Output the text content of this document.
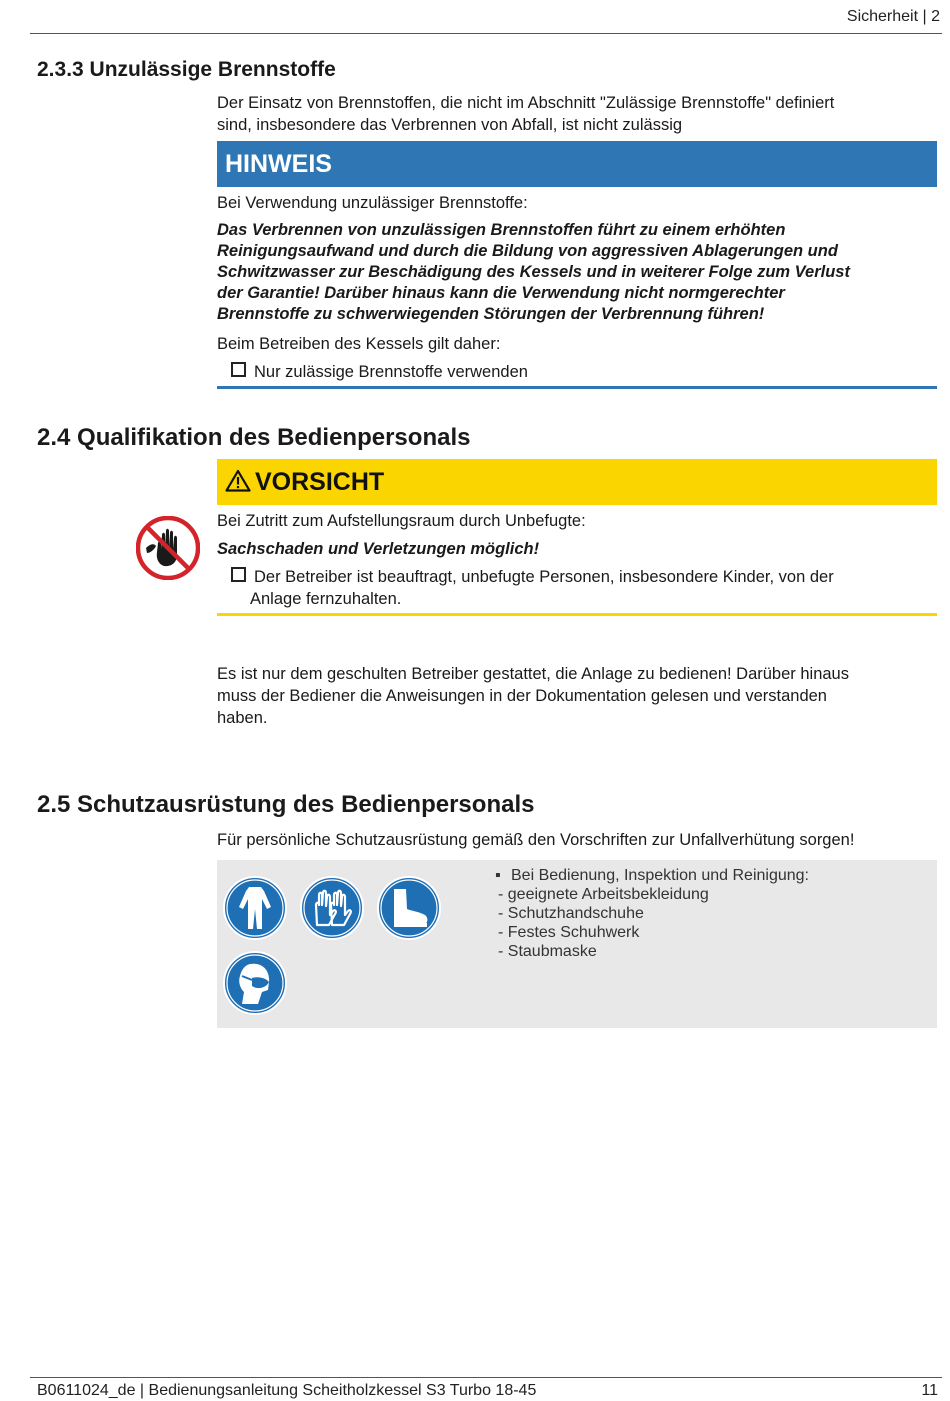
Sicherheit | 2
2.3.3 Unzulässige Brennstoffe
Der Einsatz von Brennstoffen, die nicht im Abschnitt "Zulässige Brennstoffe" definiert
sind, insbesondere das Verbrennen von Abfall, ist nicht zulässig
HINWEIS
Bei Verwendung unzulässiger Brennstoffe:
Das Verbrennen von unzulässigen Brennstoffen führt zu einem erhöhten
Reinigungsaufwand und durch die Bildung von aggressiven Ablagerungen und
Schwitzwasser zur Beschädigung des Kessels und in weiterer Folge zum Verlust
der Garantie! Darüber hinaus kann die Verwendung nicht normgerechter
Brennstoffe zu schwerwiegenden Störungen der Verbrennung führen!
Beim Betreiben des Kessels gilt daher:
Nur zulässige Brennstoffe verwenden
2.4 Qualifikation des Bedienpersonals
VORSICHT
Bei Zutritt zum Aufstellungsraum durch Unbefugte:
Sachschaden und Verletzungen möglich!
Der Betreiber ist beauftragt, unbefugte Personen, insbesondere Kinder, von der
Anlage fernzuhalten.
Es ist nur dem geschulten Betreiber gestattet, die Anlage zu bedienen! Darüber hinaus
muss der Bediener die Anweisungen in der Dokumentation gelesen und verstanden
haben.
2.5 Schutzausrüstung des Bedienpersonals
Für persönliche Schutzausrüstung gemäß den Vorschriften zur Unfallverhütung sorgen!
▪ Bei Bedienung, Inspektion und Reinigung:
- geeignete Arbeitsbekleidung
- Schutzhandschuhe
- Festes Schuhwerk
- Staubmaske
B0611024_de | Bedienungsanleitung Scheitholzkessel S3 Turbo 18-45	11
